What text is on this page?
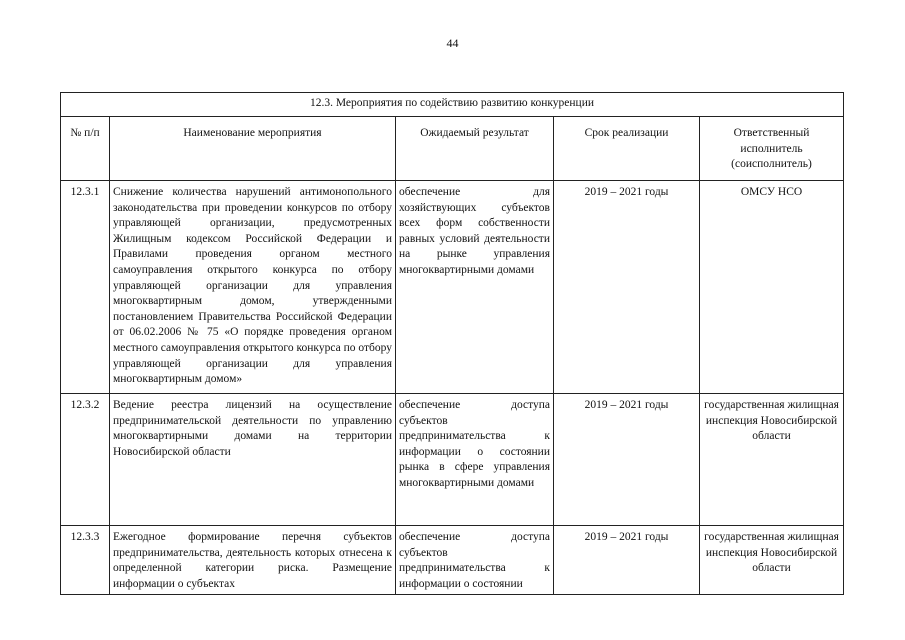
44
12.3. Мероприятия по содействию развитию конкуренции				
№ п/п	Наименование мероприятия	Ожидаемый результат	Срок реализации	Ответственный исполнитель (соисполнитель)
12.3.1	Снижение количества нарушений антимонопольного законодательства при проведении конкурсов по отбору управляющей организации, предусмотренных Жилищным кодексом Российской Федерации и Правилами проведения органом местного самоуправления открытого конкурса по отбору управляющей организации для управления многоквартирным домом, утвержденными постановлением Правительства Российской Федерации от 06.02.2006 № 75 «О порядке проведения органом местного самоуправления открытого конкурса по отбору управляющей организации для управления многоквартирным домом»	обеспечение для хозяйствующих субъектов всех форм собственности равных условий деятельности на рынке управления многоквартирными домами	2019 – 2021 годы	ОМСУ НСО
12.3.2	Ведение реестра лицензий на осуществление предпринимательской деятельности по управлению многоквартирными домами на территории Новосибирской области	обеспечение доступа субъектов предпринимательства к информации о состоянии рынка в сфере управления многоквартирными домами	2019 – 2021 годы	государственная жилищная инспекция Новосибирской области
12.3.3	Ежегодное формирование перечня субъектов предпринимательства, деятельность которых отнесена к определенной категории риска. Размещение информации о субъектах	обеспечение доступа субъектов предпринимательства к информации о состоянии	2019 – 2021 годы	государственная жилищная инспекция Новосибирской области
